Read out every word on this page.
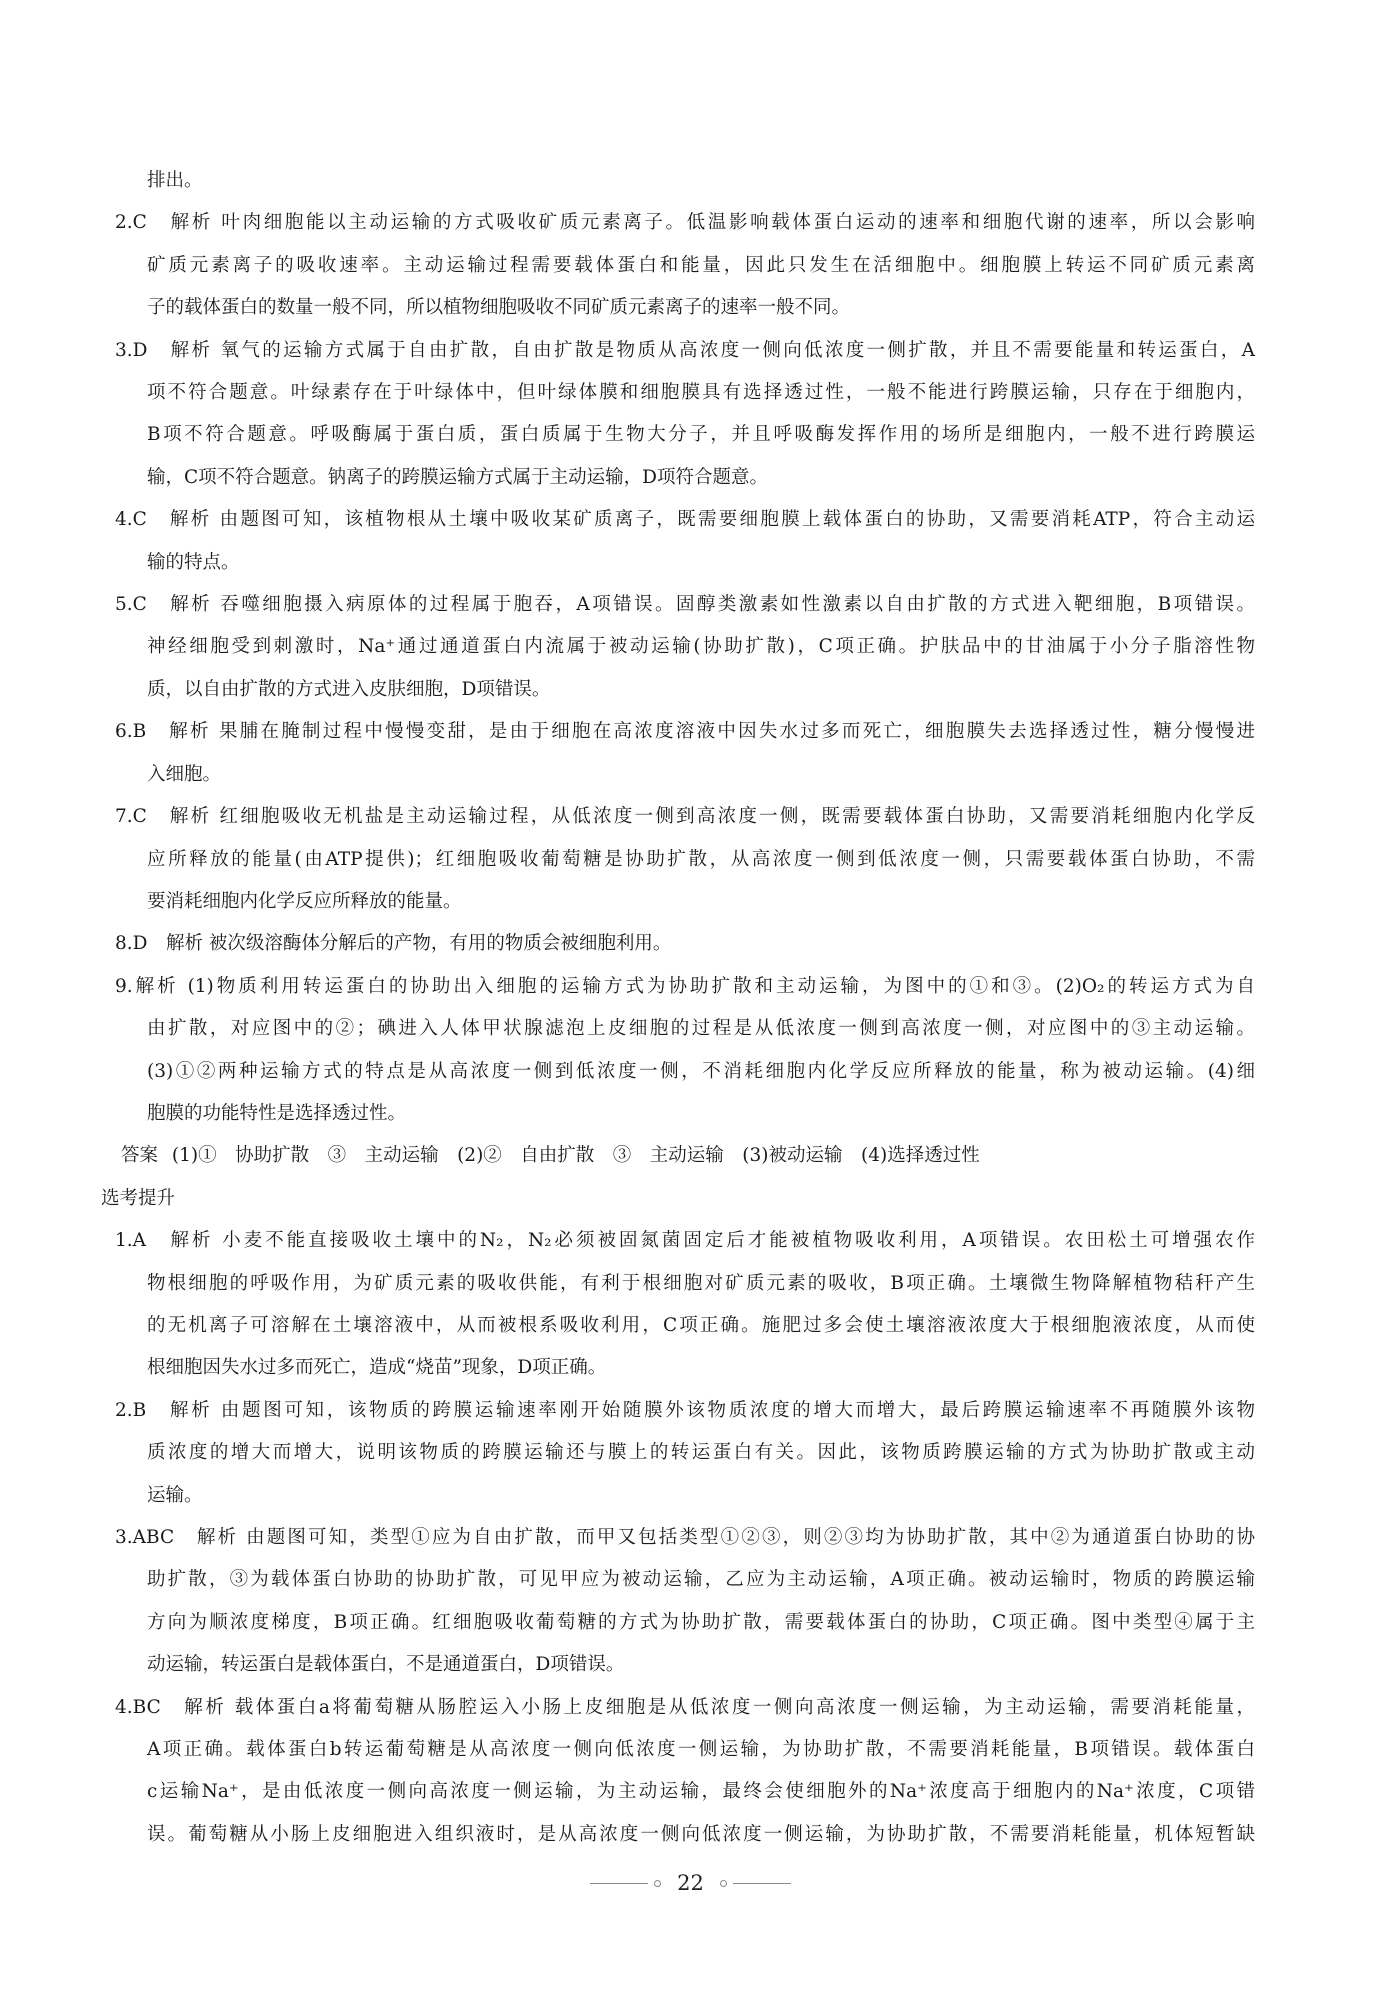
排出。
2.C　解析 叶肉细胞能以主动运输的方式吸收矿质元素离子。低温影响载体蛋白运动的速率和细胞代谢的速率，所以会影响
矿质元素离子的吸收速率。主动运输过程需要载体蛋白和能量，因此只发生在活细胞中。细胞膜上转运不同矿质元素离
子的载体蛋白的数量一般不同，所以植物细胞吸收不同矿质元素离子的速率一般不同。
3.D　解析 氧气的运输方式属于自由扩散，自由扩散是物质从高浓度一侧向低浓度一侧扩散，并且不需要能量和转运蛋白，A
项不符合题意。叶绿素存在于叶绿体中，但叶绿体膜和细胞膜具有选择透过性，一般不能进行跨膜运输，只存在于细胞内，
B项不符合题意。呼吸酶属于蛋白质，蛋白质属于生物大分子，并且呼吸酶发挥作用的场所是细胞内，一般不进行跨膜运
输，C项不符合题意。钠离子的跨膜运输方式属于主动运输，D项符合题意。
4.C　解析 由题图可知，该植物根从土壤中吸收某矿质离子，既需要细胞膜上载体蛋白的协助，又需要消耗ATP，符合主动运
输的特点。
5.C　解析 吞噬细胞摄入病原体的过程属于胞吞，A项错误。固醇类激素如性激素以自由扩散的方式进入靶细胞，B项错误。
神经细胞受到刺激时，Na⁺通过通道蛋白内流属于被动运输(协助扩散)，C项正确。护肤品中的甘油属于小分子脂溶性物
质，以自由扩散的方式进入皮肤细胞，D项错误。
6.B　解析 果脯在腌制过程中慢慢变甜，是由于细胞在高浓度溶液中因失水过多而死亡，细胞膜失去选择透过性，糖分慢慢进
入细胞。
7.C　解析 红细胞吸收无机盐是主动运输过程，从低浓度一侧到高浓度一侧，既需要载体蛋白协助，又需要消耗细胞内化学反
应所释放的能量(由ATP提供)；红细胞吸收葡萄糖是协助扩散，从高浓度一侧到低浓度一侧，只需要载体蛋白协助，不需
要消耗细胞内化学反应所释放的能量。
8.D　解析 被次级溶酶体分解后的产物，有用的物质会被细胞利用。
9.解析 (1)物质利用转运蛋白的协助出入细胞的运输方式为协助扩散和主动运输，为图中的①和③。(2)O₂的转运方式为自
由扩散，对应图中的②；碘进入人体甲状腺滤泡上皮细胞的过程是从低浓度一侧到高浓度一侧，对应图中的③主动运输。
(3)①②两种运输方式的特点是从高浓度一侧到低浓度一侧，不消耗细胞内化学反应所释放的能量，称为被动运输。(4)细
胞膜的功能特性是选择透过性。
答案 (1)①　协助扩散　③　主动运输　(2)②　自由扩散　③　主动运输　(3)被动运输　(4)选择透过性
选考提升
1.A　解析 小麦不能直接吸收土壤中的N₂，N₂必须被固氮菌固定后才能被植物吸收利用，A项错误。农田松土可增强农作
物根细胞的呼吸作用，为矿质元素的吸收供能，有利于根细胞对矿质元素的吸收，B项正确。土壤微生物降解植物秸秆产生
的无机离子可溶解在土壤溶液中，从而被根系吸收利用，C项正确。施肥过多会使土壤溶液浓度大于根细胞液浓度，从而使
根细胞因失水过多而死亡，造成“烧苗”现象，D项正确。
2.B　解析 由题图可知，该物质的跨膜运输速率刚开始随膜外该物质浓度的增大而增大，最后跨膜运输速率不再随膜外该物
质浓度的增大而增大，说明该物质的跨膜运输还与膜上的转运蛋白有关。因此，该物质跨膜运输的方式为协助扩散或主动
运输。
3.ABC　解析 由题图可知，类型①应为自由扩散，而甲又包括类型①②③，则②③均为协助扩散，其中②为通道蛋白协助的协
助扩散，③为载体蛋白协助的协助扩散，可见甲应为被动运输，乙应为主动运输，A项正确。被动运输时，物质的跨膜运输
方向为顺浓度梯度，B项正确。红细胞吸收葡萄糖的方式为协助扩散，需要载体蛋白的协助，C项正确。图中类型④属于主
动运输，转运蛋白是载体蛋白，不是通道蛋白，D项错误。
4.BC　解析 载体蛋白a将葡萄糖从肠腔运入小肠上皮细胞是从低浓度一侧向高浓度一侧运输，为主动运输，需要消耗能量，
A项正确。载体蛋白b转运葡萄糖是从高浓度一侧向低浓度一侧运输，为协助扩散，不需要消耗能量，B项错误。载体蛋白
c运输Na⁺，是由低浓度一侧向高浓度一侧运输，为主动运输，最终会使细胞外的Na⁺浓度高于细胞内的Na⁺浓度，C项错
误。葡萄糖从小肠上皮细胞进入组织液时，是从高浓度一侧向低浓度一侧运输，为协助扩散，不需要消耗能量，机体短暂缺
22
